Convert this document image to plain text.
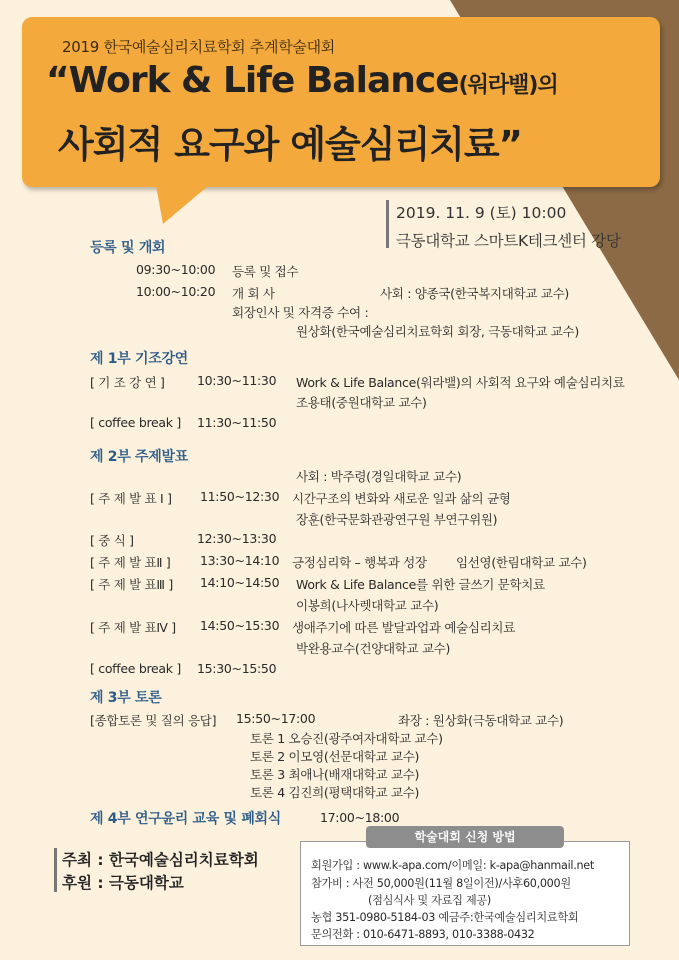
2019 한국예술심리치료학회 추계학술대회
“Work & Life Balance(워라밸)의
사회적 요구와 예술심리치료”
2019. 11. 9 (토) 10:00
극동대학교 스마트K테크센터 강당
등록 및 개회
09:30~10:00 등록 및 접수
10:00~10:20 개 회 사	사회 : 양종국(한국복지대학교 교수)
회장인사 및 자격증 수여 :
원상화(한국예술심리치료학회 회장, 극동대학교 교수)
제 1부 기조강연
[ 기 조 강 연 ]	10:30~11:30 Work & Life Balance(워라밸)의 사회적 요구와 예술심리치료
조용태(중원대학교 교수)
[ coffee break ] 11:30~11:50
제 2부 주제발표
사회 : 박주령(경일대학교 교수)
[ 주 제 발 표 Ⅰ ] 11:50~12:30 시간구조의 변화와 새로운 일과 삶의 균형
장훈(한국문화관광연구원 부연구위원)
[ 중 식 ]	12:30~13:30
[ 주 제 발 표Ⅱ ] 13:30~14:10 긍정심리학 – 행복과 성장 임선영(한림대학교 교수)
[ 주 제 발 표Ⅲ ] 14:10~14:50 Work & Life Balance를 위한 글쓰기 문학치료
이봉희(나사렛대학교 교수)
[ 주 제 발 표Ⅳ ] 14:50~15:30 생애주기에 따른 발달과업과 예술심리치료
박완용교수(건양대학교 교수)
[ coffee break ] 15:30~15:50
제 3부 토론
[종합토론 및 질의 응답] 15:50~17:00	좌장 : 원상화(극동대학교 교수)
토론 1 오승진(광주여자대학교 교수)
토론 2 이모영(선문대학교 교수)
토론 3 최애나(배재대학교 교수)
토론 4 김진희(평택대학교 교수)
제 4부 연구윤리 교육 및 폐회식	17:00~18:00
주최 : 한국예술심리치료학회
후원 : 극동대학교
학술대회 신청 방법
회원가입 : www.k-apa.com/이메일: k-apa@hanmail.net
참가비 : 사전 50,000원(11월 8일이전)/사후60,000원
(점심식사 및 자료집 제공)
농협 351-0980-5184-03 예금주:한국예술심리치료학회
문의전화 : 010-6471-8893, 010-3388-0432
